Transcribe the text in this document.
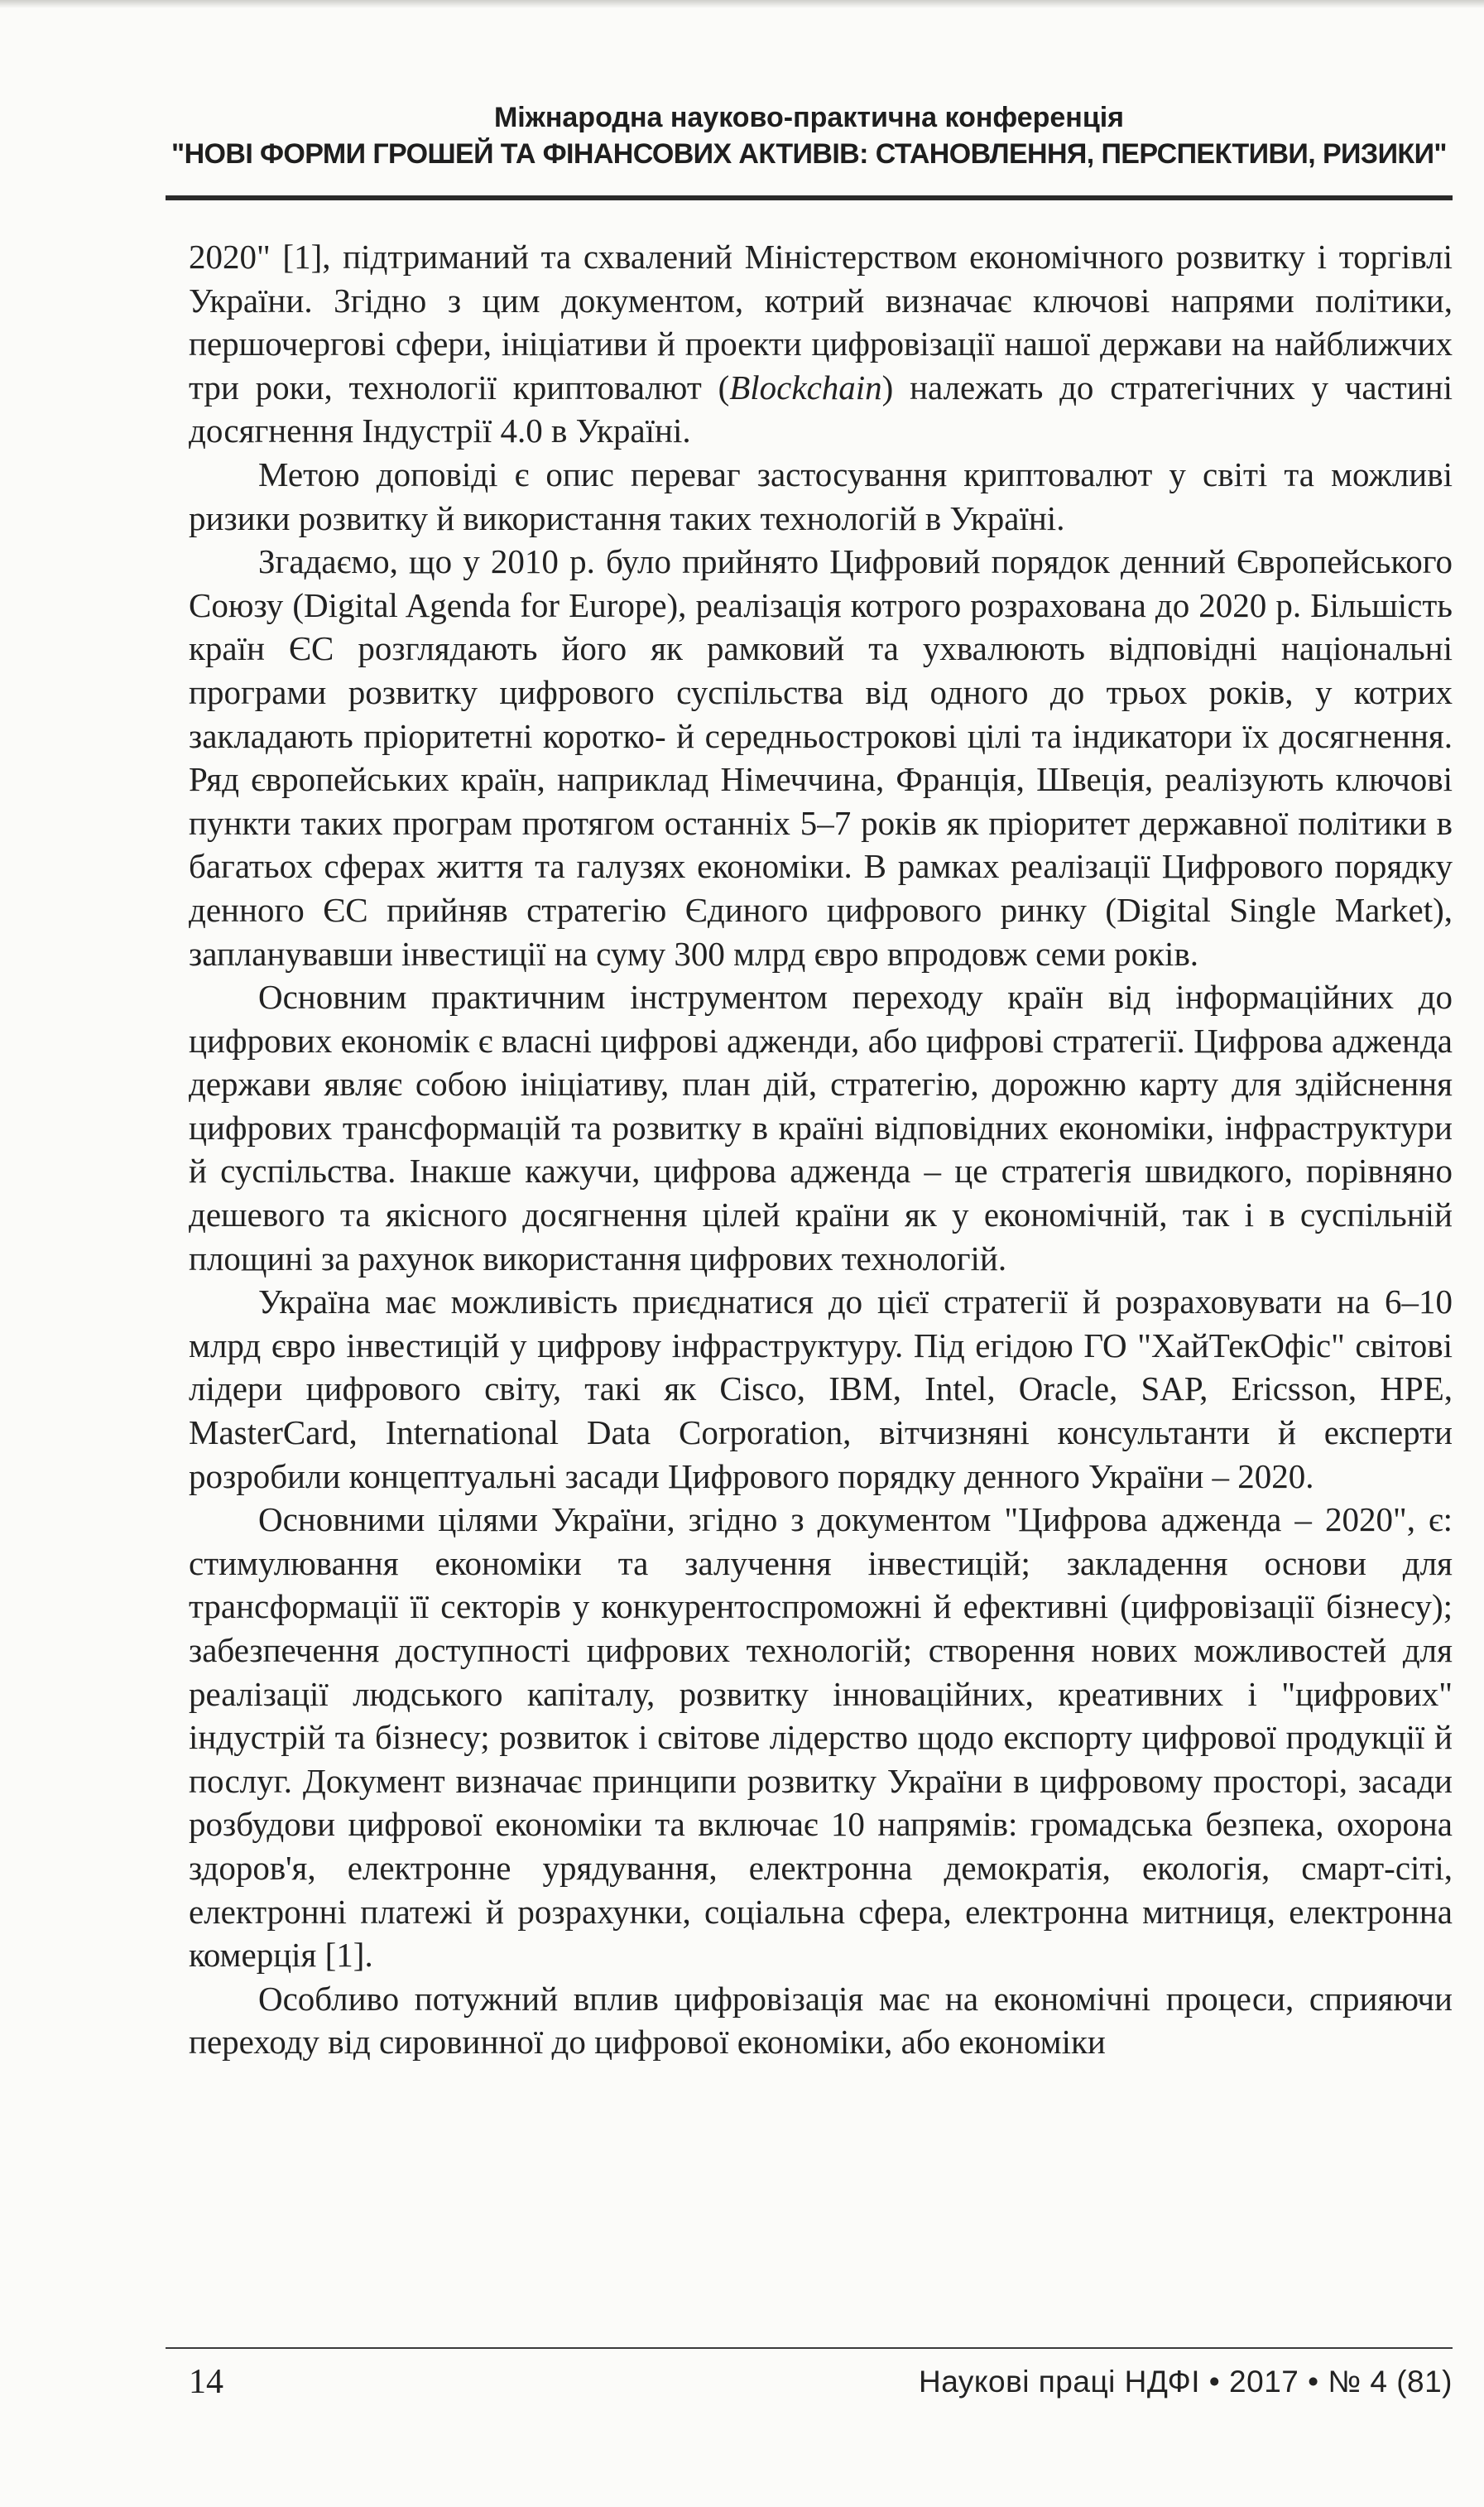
Міжнародна науково-практична конференція
"НОВІ ФОРМИ ГРОШЕЙ ТА ФІНАНСОВИХ АКТИВІВ: СТАНОВЛЕННЯ, ПЕРСПЕКТИВИ, РИЗИКИ"

2020" [1], підтриманий та схвалений Міністерством економічного розвитку і торгівлі України. Згідно з цим документом, котрий визначає ключові напрями політики, першочергові сфери, ініціативи й проекти цифровізації нашої держави на найближчих три роки, технології криптовалют (Blockchain) належать до стратегічних у частині досягнення Індустрії 4.0 в Україні.

Метою доповіді є опис переваг застосування криптовалют у світі та можливі ризики розвитку й використання таких технологій в Україні.

Згадаємо, що у 2010 р. було прийнято Цифровий порядок денний Європейського Союзу (Digital Agenda for Europe), реалізація котрого розрахована до 2020 р. Більшість країн ЄС розглядають його як рамковий та ухвалюють відповідні національні програми розвитку цифрового суспільства від одного до трьох років, у котрих закладають пріоритетні коротко- й середньострокові цілі та індикатори їх досягнення. Ряд європейських країн, наприклад Німеччина, Франція, Швеція, реалізують ключові пункти таких програм протягом останніх 5–7 років як пріоритет державної політики в багатьох сферах життя та галузях економіки. В рамках реалізації Цифрового порядку денного ЄС прийняв стратегію Єдиного цифрового ринку (Digital Single Market), запланувавши інвестиції на суму 300 млрд євро впродовж семи років.

Основним практичним інструментом переходу країн від інформаційних до цифрових економік є власні цифрові адженди, або цифрові стратегії. Цифрова адженда держави являє собою ініціативу, план дій, стратегію, дорожню карту для здійснення цифрових трансформацій та розвитку в країні відповідних економіки, інфраструктури й суспільства. Інакше кажучи, цифрова адженда – це стратегія швидкого, порівняно дешевого та якісного досягнення цілей країни як у економічній, так і в суспільній площині за рахунок використання цифрових технологій.

Україна має можливість приєднатися до цієї стратегії й розраховувати на 6–10 млрд євро інвестицій у цифрову інфраструктуру. Під егідою ГО "ХайТекОфіс" світові лідери цифрового світу, такі як Cisco, IBM, Intel, Oracle, SAP, Ericsson, HPE, MasterCard, International Data Corporation, вітчизняні консультанти й експерти розробили концептуальні засади Цифрового порядку денного України – 2020.

Основними цілями України, згідно з документом "Цифрова адженда – 2020", є: стимулювання економіки та залучення інвестицій; закладення основи для трансформації її секторів у конкурентоспроможні й ефективні (цифровізації бізнесу); забезпечення доступності цифрових технологій; створення нових можливостей для реалізації людського капіталу, розвитку інноваційних, креативних і "цифрових" індустрій та бізнесу; розвиток і світове лідерство щодо експорту цифрової продукції й послуг. Документ визначає принципи розвитку України в цифровому просторі, засади розбудови цифрової економіки та включає 10 напрямів: громадська безпека, охорона здоров'я, електронне урядування, електронна демократія, екологія, смарт-сіті, електронні платежі й розрахунки, соціальна сфера, електронна митниця, електронна комерція [1].

Особливо потужний вплив цифровізація має на економічні процеси, сприяючи переходу від сировинної до цифрової економіки, або економіки

14	Наукові праці НДФІ • 2017 • № 4 (81)
